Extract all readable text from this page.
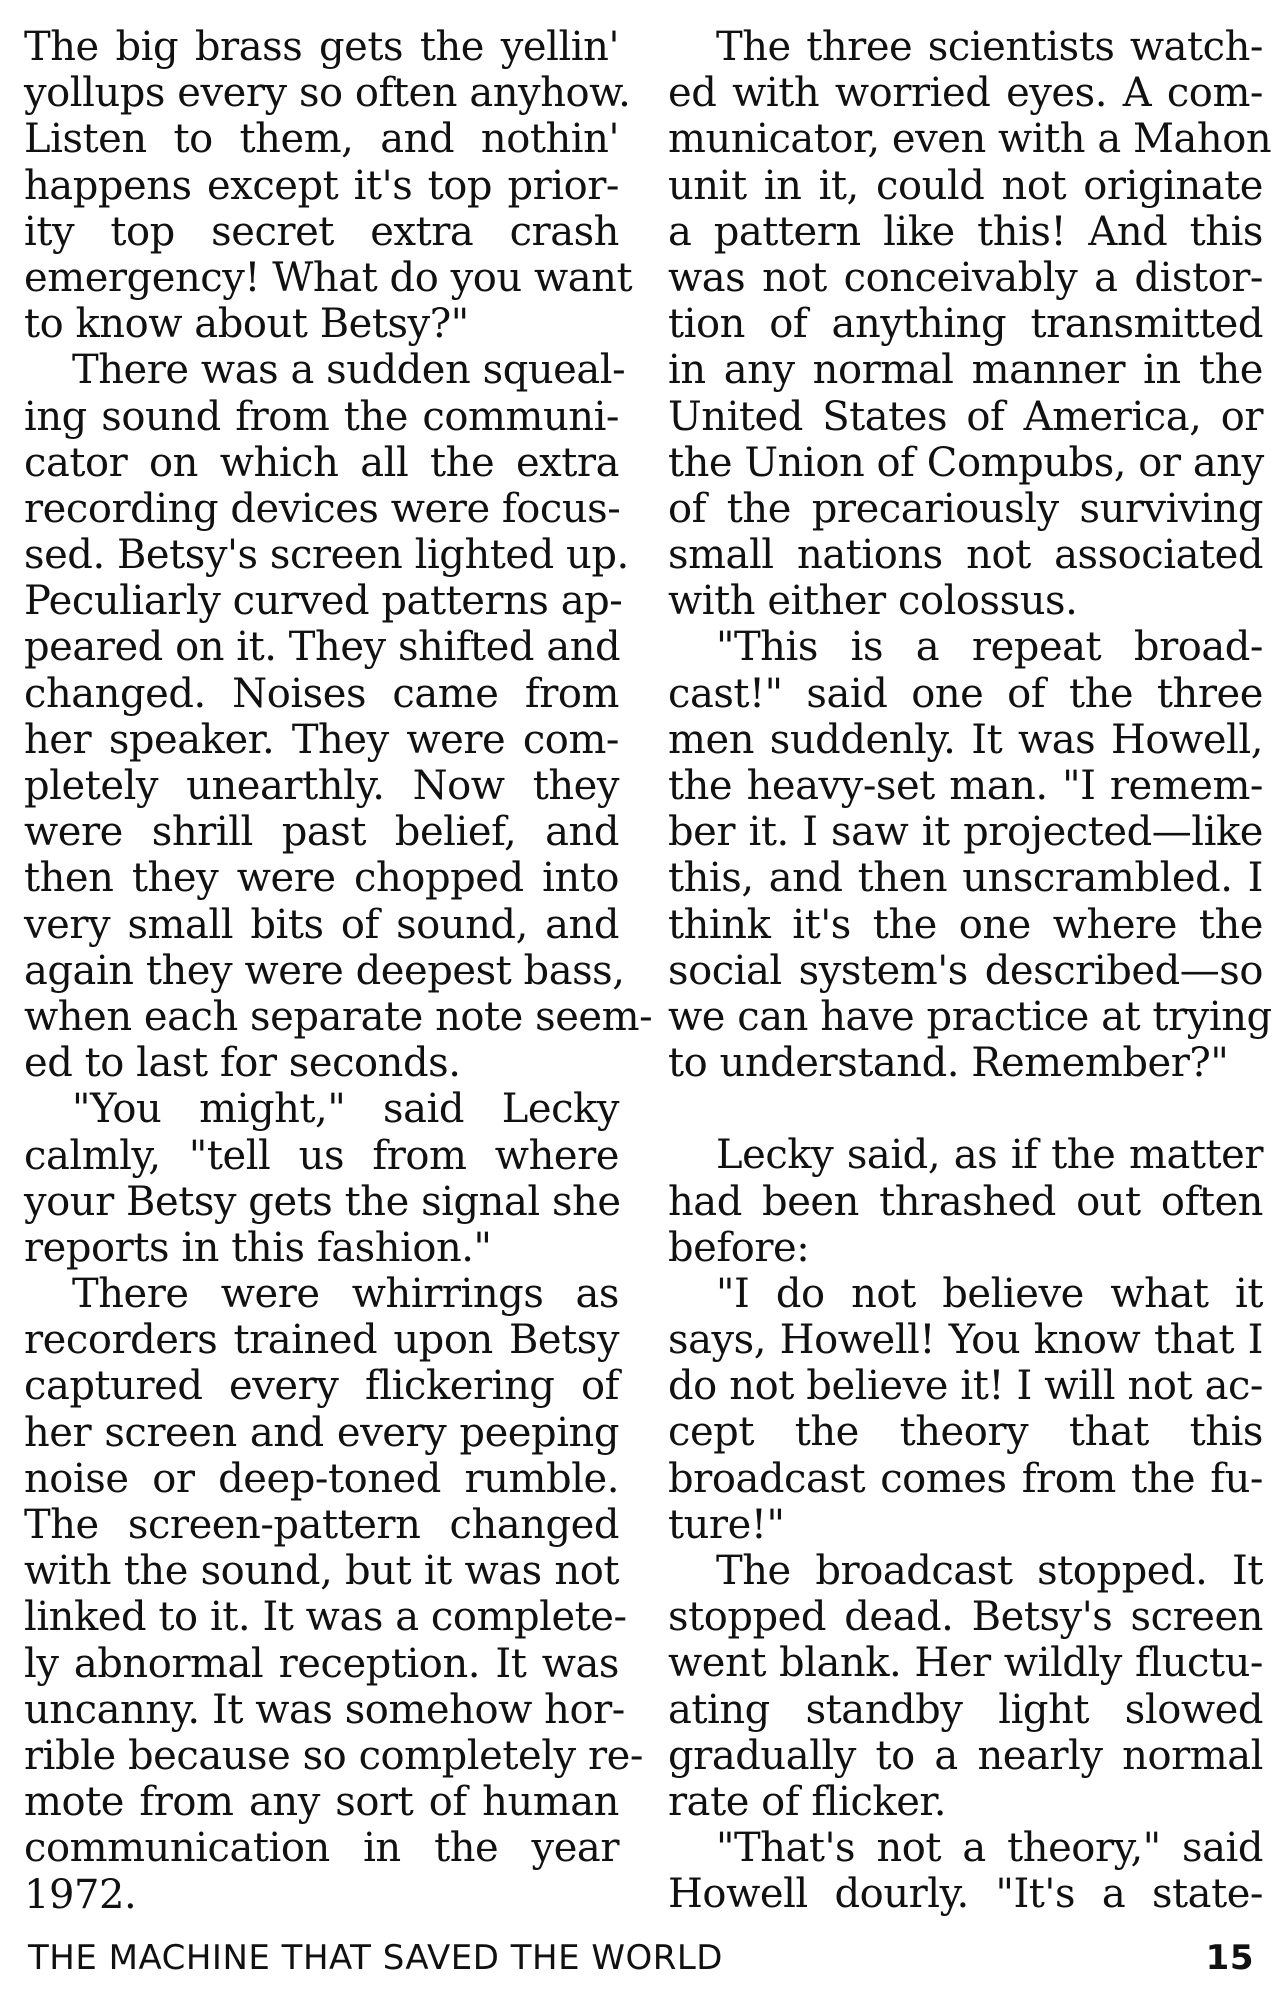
The big brass gets the yellin'
yollups every so often anyhow.
Listen to them, and nothin'
happens except it's top prior-
ity top secret extra crash
emergency! What do you want
to know about Betsy?"
There was a sudden squeal-
ing sound from the communi-
cator on which all the extra
recording devices were focus-
sed. Betsy's screen lighted up.
Peculiarly curved patterns ap-
peared on it. They shifted and
changed. Noises came from
her speaker. They were com-
pletely unearthly. Now they
were shrill past belief, and
then they were chopped into
very small bits of sound, and
again they were deepest bass,
when each separate note seem-
ed to last for seconds.
"You might," said Lecky
calmly, "tell us from where
your Betsy gets the signal she
reports in this fashion."
There were whirrings as
recorders trained upon Betsy
captured every flickering of
her screen and every peeping
noise or deep-toned rumble.
The screen-pattern changed
with the sound, but it was not
linked to it. It was a complete-
ly abnormal reception. It was
uncanny. It was somehow hor-
rible because so completely re-
mote from any sort of human
communication in the year
1972.
The three scientists watch-
ed with worried eyes. A com-
municator, even with a Mahon
unit in it, could not originate
a pattern like this! And this
was not conceivably a distor-
tion of anything transmitted
in any normal manner in the
United States of America, or
the Union of Compubs, or any
of the precariously surviving
small nations not associated
with either colossus.
"This is a repeat broad-
cast!" said one of the three
men suddenly. It was Howell,
the heavy-set man. "I remem-
ber it. I saw it projected—like
this, and then unscrambled. I
think it's the one where the
social system's described—so
we can have practice at trying
to understand. Remember?"
Lecky said, as if the matter
had been thrashed out often
before:
"I do not believe what it
says, Howell! You know that I
do not believe it! I will not ac-
cept the theory that this
broadcast comes from the fu-
ture!"
The broadcast stopped. It
stopped dead. Betsy's screen
went blank. Her wildly fluctu-
ating standby light slowed
gradually to a nearly normal
rate of flicker.
"That's not a theory," said
Howell dourly. "It's a state-
THE MACHINE THAT SAVED THE WORLD	15
